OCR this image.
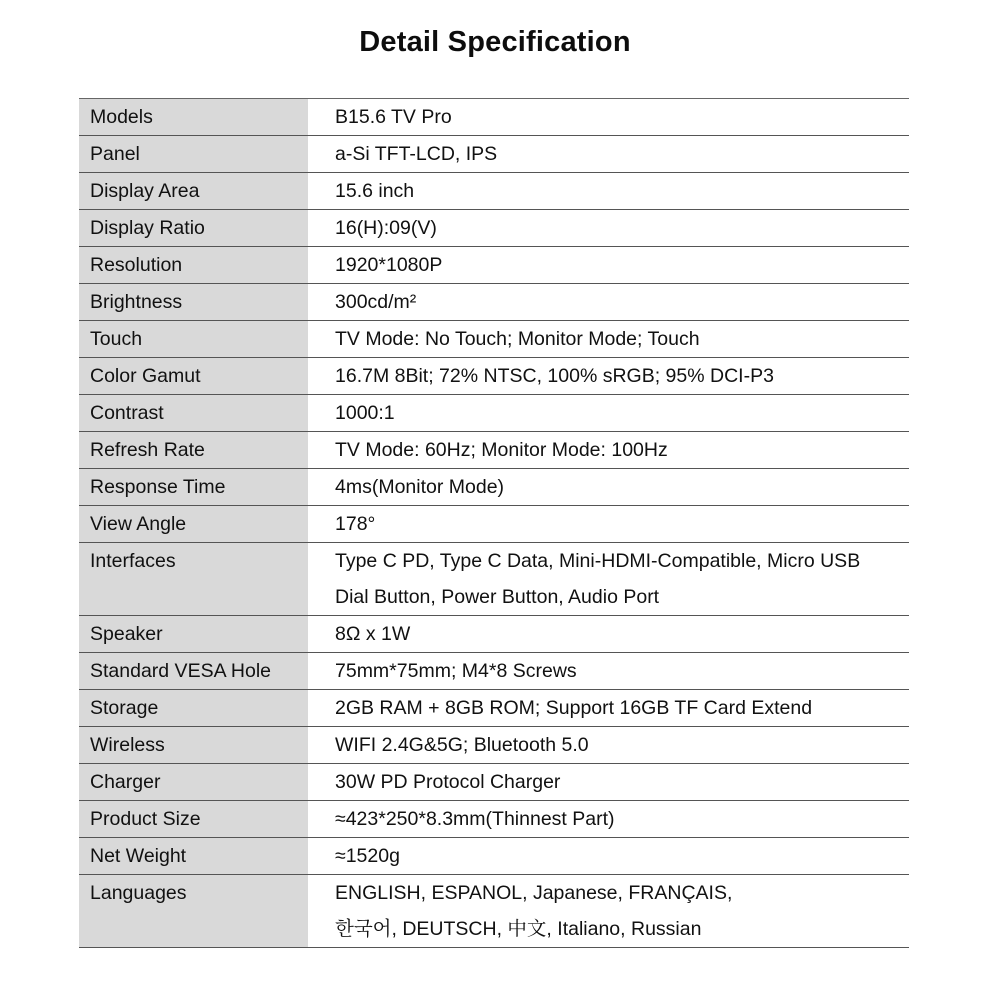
Detail Specification
Models	B15.6 TV Pro

Panel	a-Si TFT-LCD, IPS

Display Area	15.6 inch

Display Ratio	16(H):09(V)

Resolution	1920*1080P

Brightness	300cd/m²

Touch	TV Mode: No Touch; Monitor Mode; Touch

Color Gamut	16.7M 8Bit; 72% NTSC, 100% sRGB; 95% DCI-P3

Contrast	1000:1

Refresh Rate	TV Mode: 60Hz; Monitor Mode: 100Hz

Response Time	4ms(Monitor Mode)

View Angle	178°

Interfaces	Type C PD, Type C Data, Mini-HDMI-Compatible, Micro USB
Dial Button, Power Button, Audio Port

Speaker	8Ω x 1W

Standard VESA Hole	75mm*75mm; M4*8 Screws

Storage	2GB RAM + 8GB ROM; Support 16GB TF Card Extend

Wireless	WIFI 2.4G&5G; Bluetooth 5.0

Charger	30W PD Protocol Charger

Product Size	≈423*250*8.3mm(Thinnest Part)

Net Weight	≈1520g

Languages	ENGLISH, ESPANOL, Japanese, FRANÇAIS,
한국어, DEUTSCH, 中文, Italiano, Russian
